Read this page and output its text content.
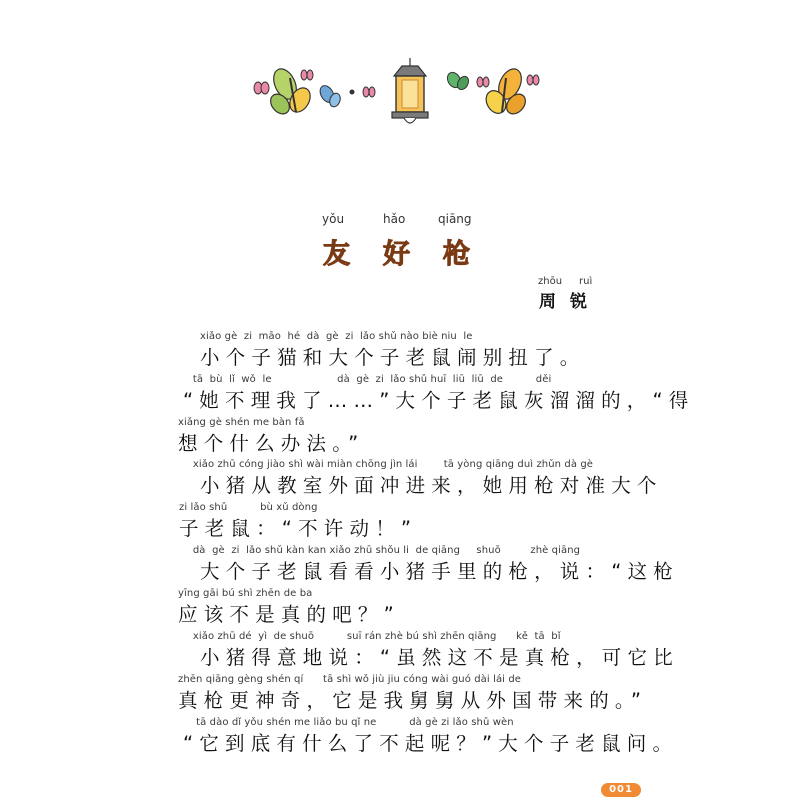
yǒu	hǎo	qiāng
友 好 枪
zhōu ruì
周 锐
xiǎo gè  zi  māo  hé  dà  gè  zi  lǎo shǔ nào biè niu  le
小个子猫和大个子老鼠闹别扭了。
tā  bù  lǐ  wǒ  le                    dà  gè  zi  lǎo shǔ huī  liū  liū  de          děi
“她不理我了……”大个子老鼠灰溜溜的，“得
xiǎng gè shén me bàn fǎ
想个什么办法。”
xiǎo zhū cóng jiào shì wài miàn chōng jìn lái        tā yòng qiāng duì zhǔn dà gè
小猪从教室外面冲进来，她用枪对准大个
zi lǎo shǔ          bù xǔ dòng
子老鼠：“不许动！”
dà  gè  zi  lǎo shǔ kàn kan xiǎo zhū shǒu li  de qiāng     shuō         zhè qiāng
大个子老鼠看看小猪手里的枪，说：“这枪
yīng gāi bú shì zhēn de ba
应该不是真的吧？”
xiǎo zhū dé  yì  de shuō          suī rán zhè bú shì zhēn qiāng      kě  tā  bǐ
小猪得意地说：“虽然这不是真枪，可它比
zhēn qiāng gèng shén qí      tā shì wǒ jiù jiu cóng wài guó dài lái de
真枪更神奇，它是我舅舅从外国带来的。”
tā dào dǐ yǒu shén me liǎo bu qǐ ne          dà gè zi lǎo shǔ wèn
“它到底有什么了不起呢？”大个子老鼠问。
001
